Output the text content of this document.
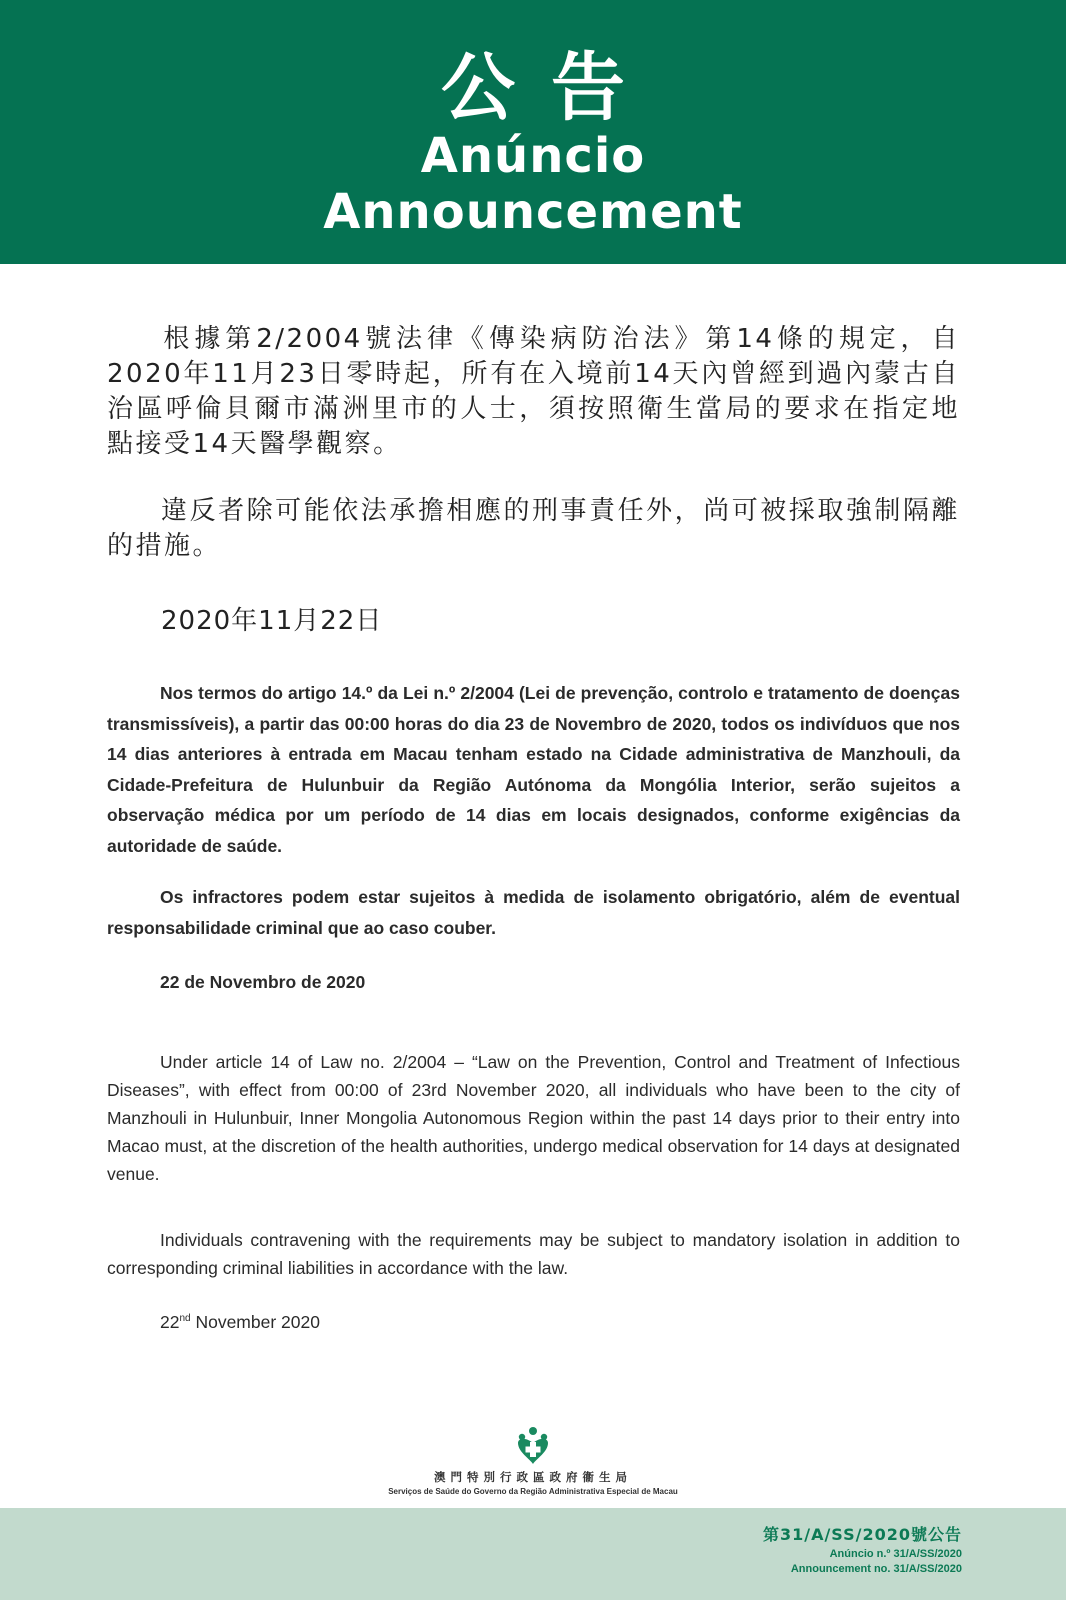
公告
Anúncio
Announcement

根據第2/2004號法律《傳染病防治法》第14條的規定，自2020年11月23日零時起，所有在入境前14天內曾經到過內蒙古自治區呼倫貝爾市滿洲里市的人士，須按照衛生當局的要求在指定地點接受14天醫學觀察。

違反者除可能依法承擔相應的刑事責任外，尚可被採取強制隔離的措施。

2020年11月22日

Nos termos do artigo 14.º da Lei n.º 2/2004 (Lei de prevenção, controlo e tratamento de doenças transmissíveis), a partir das 00:00 horas do dia 23 de Novembro de 2020, todos os indivíduos que nos 14 dias anteriores à entrada em Macau tenham estado na Cidade administrativa de Manzhouli, da Cidade-Prefeitura de Hulunbuir da Região Autónoma da Mongólia Interior, serão sujeitos a observação médica por um período de 14 dias em locais designados, conforme exigências da autoridade de saúde.

Os infractores podem estar sujeitos à medida de isolamento obrigatório, além de eventual responsabilidade criminal que ao caso couber.

22 de Novembro de 2020

Under article 14 of Law no. 2/2004 – “Law on the Prevention, Control and Treatment of Infectious Diseases”, with effect from 00:00 of 23rd November 2020, all individuals who have been to the city of Manzhouli in Hulunbuir, Inner Mongolia Autonomous Region within the past 14 days prior to their entry into Macao must, at the discretion of the health authorities, undergo medical observation for 14 days at designated venue.

Individuals contravening with the requirements may be subject to mandatory isolation in addition to corresponding criminal liabilities in accordance with the law.

22nd November 2020

澳門特別行政區政府衞生局
Serviços de Saúde do Governo da Região Administrativa Especial de Macau
第31/A/SS/2020號公告
Anúncio n.º 31/A/SS/2020
Announcement no. 31/A/SS/2020
